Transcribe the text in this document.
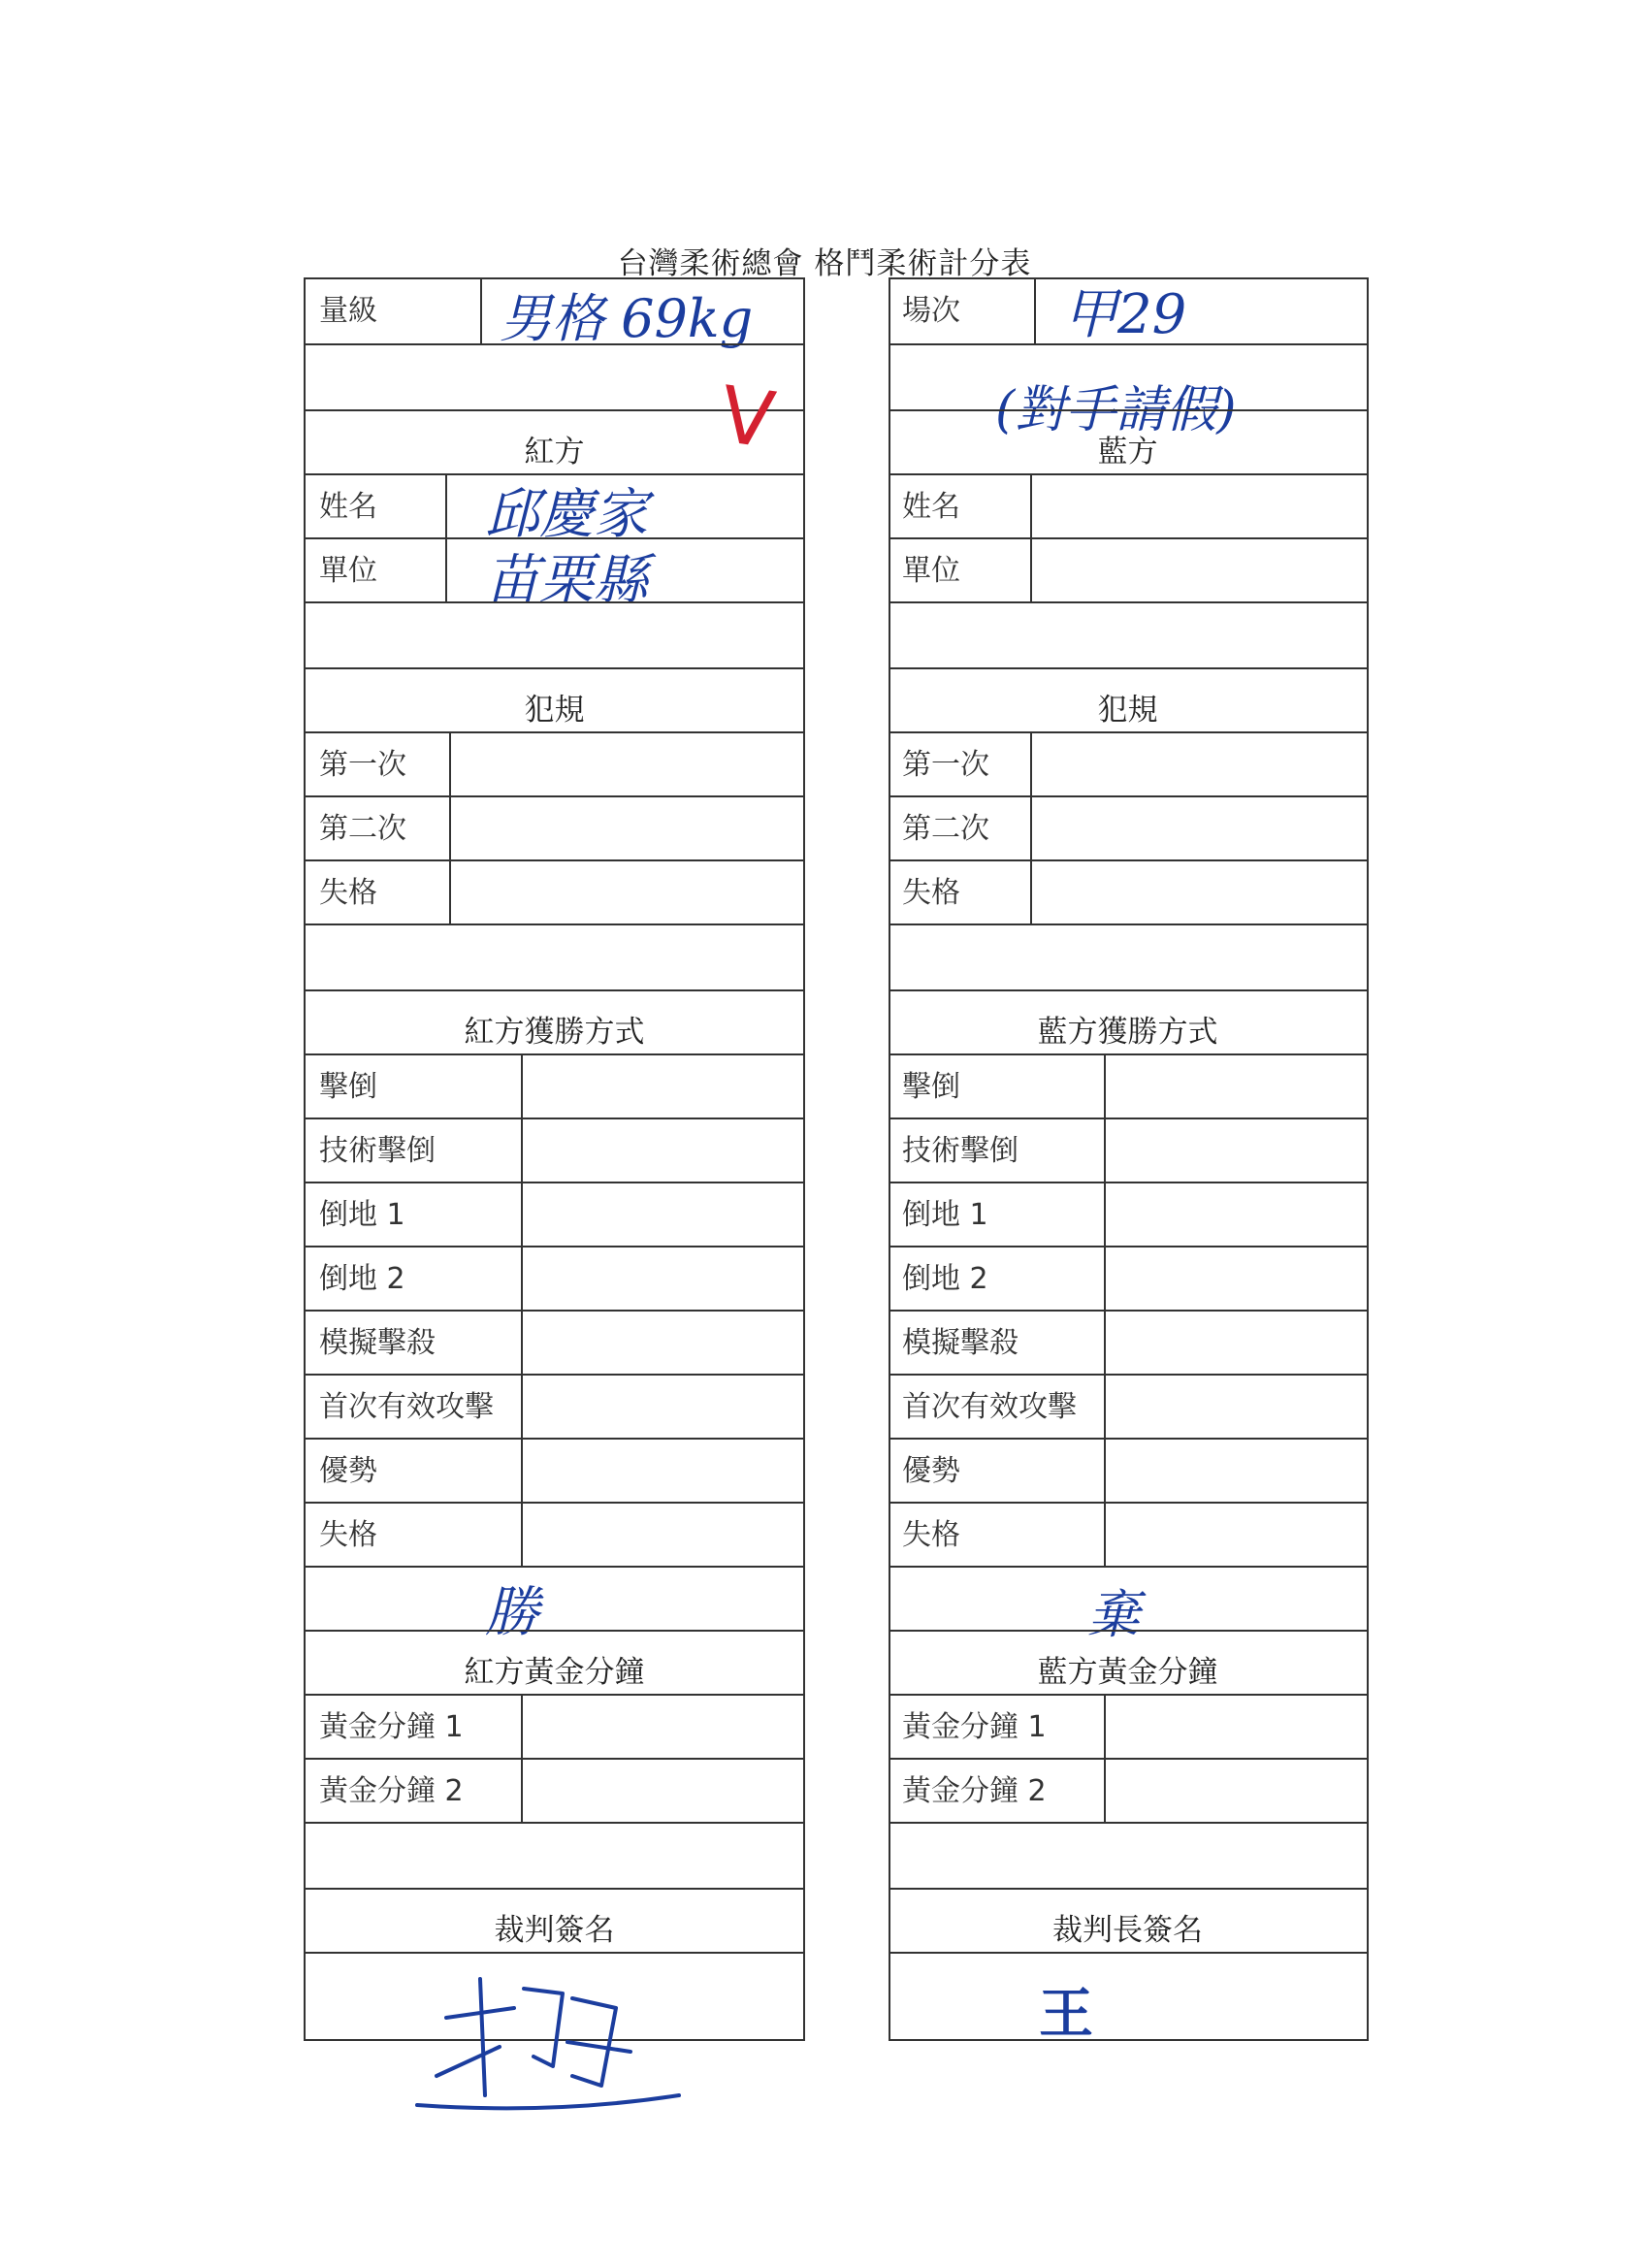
台灣柔術總會 格鬥柔術計分表
量級 男格 69kg
紅方	V
姓名 邱慶家
單位 苗栗縣
犯規
第一次
第二次
失格
紅方獲勝方式
擊倒
技術擊倒
倒地 1
倒地 2
模擬擊殺
首次有效攻擊
優勢
失格
勝
紅方黃金分鐘
黃金分鐘 1
黃金分鐘 2
裁判簽名
場次 甲29
(對手請假)
藍方
姓名
單位
犯規
第一次
第二次
失格
藍方獲勝方式
擊倒
技術擊倒
倒地 1
倒地 2
模擬擊殺
首次有效攻擊
優勢
失格
棄
藍方黃金分鐘
黃金分鐘 1
黃金分鐘 2
裁判長簽名
王
